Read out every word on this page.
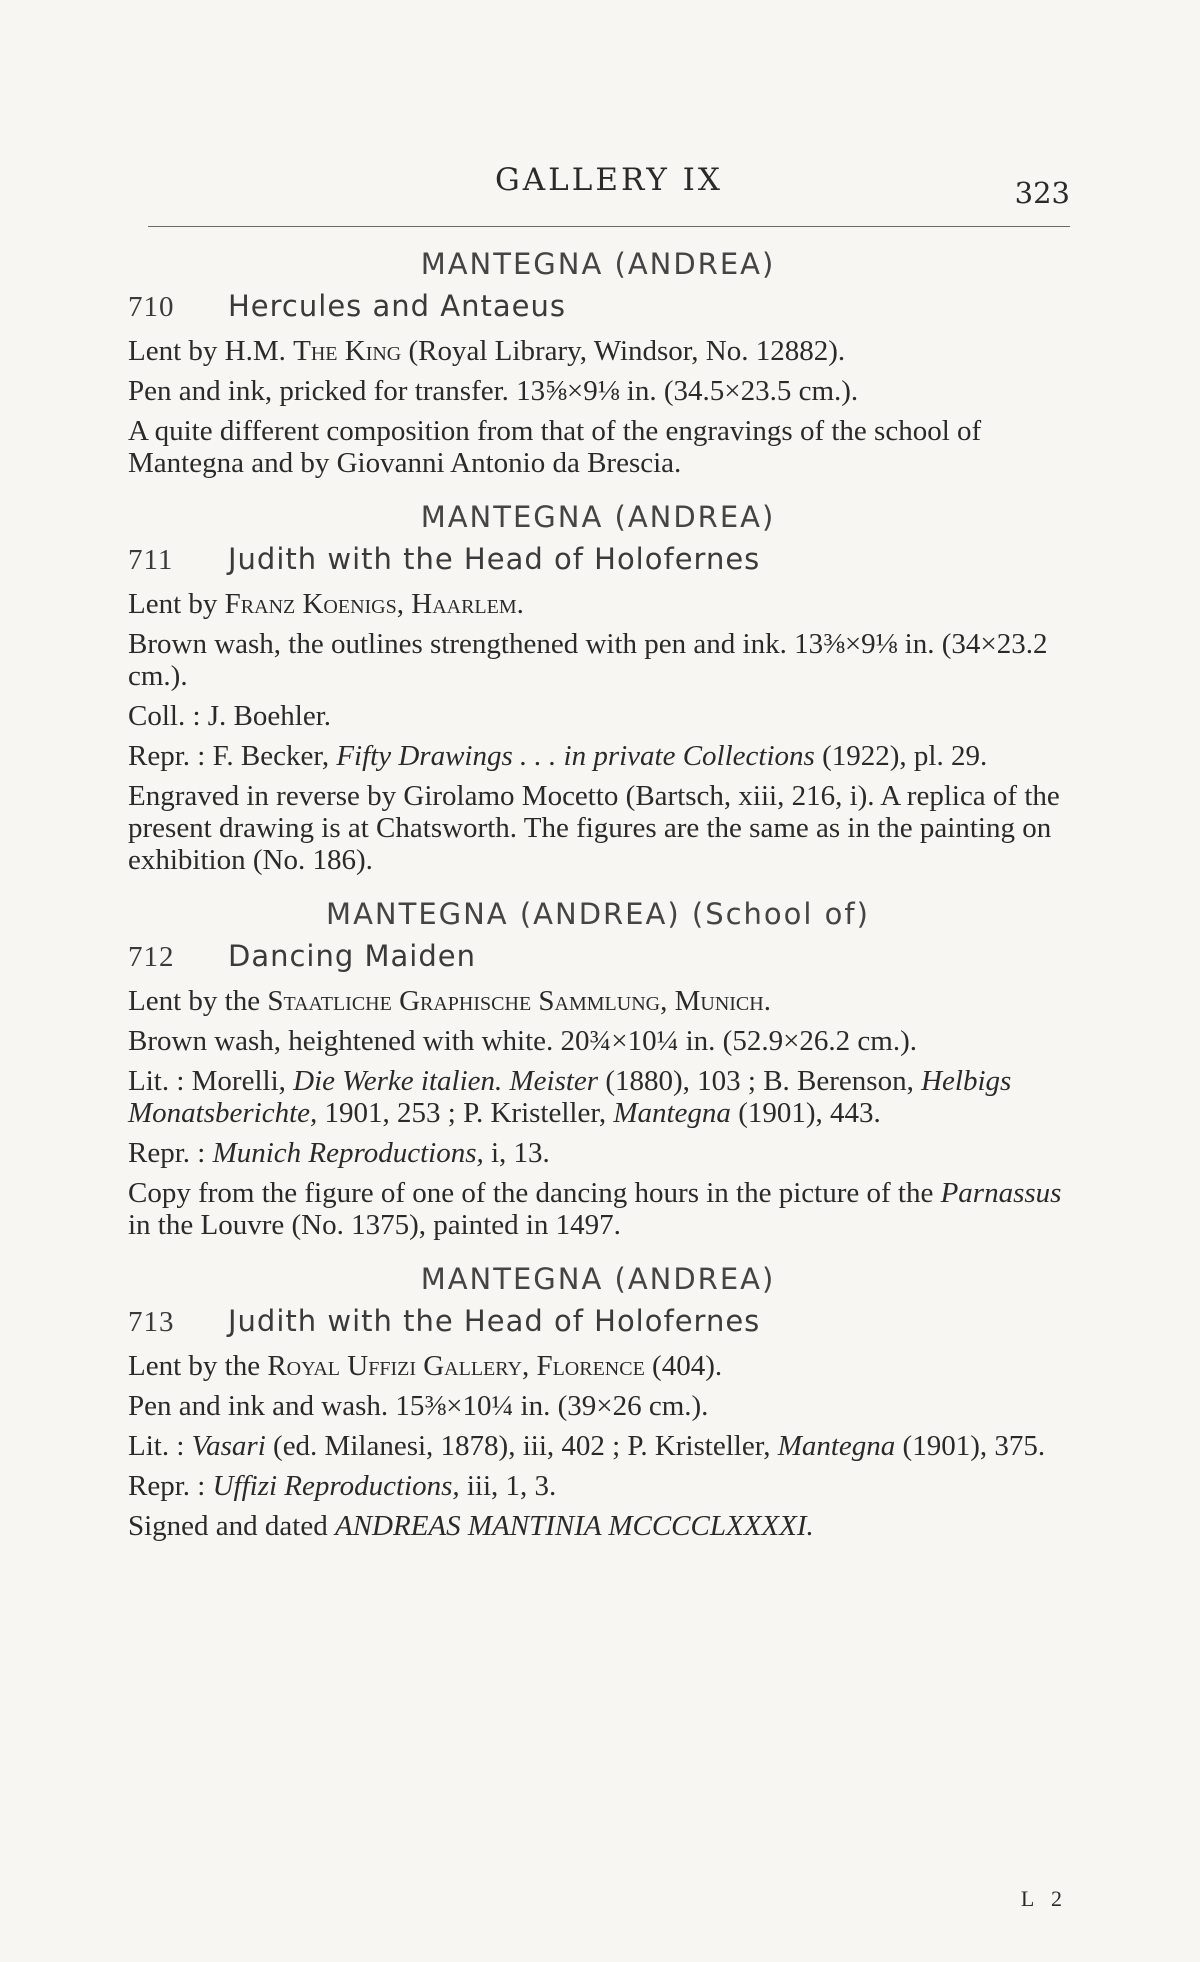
GALLERY IX	323
MANTEGNA (ANDREA)
710 Hercules and Antaeus
Lent by H.M. The King (Royal Library, Windsor, No. 12882).
Pen and ink, pricked for transfer. 13⅝×9⅛ in. (34.5×23.5 cm.).
A quite different composition from that of the engravings of the school of Mantegna and by Giovanni Antonio da Brescia.
MANTEGNA (ANDREA)
711 Judith with the Head of Holofernes
Lent by Franz Koenigs, Haarlem.
Brown wash, the outlines strengthened with pen and ink. 13⅜×9⅛ in. (34×23.2 cm.).
Coll. : J. Boehler.
Repr. : F. Becker, Fifty Drawings . . . in private Collections (1922), pl. 29.
Engraved in reverse by Girolamo Mocetto (Bartsch, xiii, 216, i). A replica of the present drawing is at Chatsworth. The figures are the same as in the painting on exhibition (No. 186).
MANTEGNA (ANDREA) (School of)
712 Dancing Maiden
Lent by the Staatliche Graphische Sammlung, Munich.
Brown wash, heightened with white. 20¾×10¼ in. (52.9×26.2 cm.).
Lit. : Morelli, Die Werke italien. Meister (1880), 103 ; B. Berenson, Helbigs Monatsberichte, 1901, 253 ; P. Kristeller, Mantegna (1901), 443.
Repr. : Munich Reproductions, i, 13.
Copy from the figure of one of the dancing hours in the picture of the Parnassus in the Louvre (No. 1375), painted in 1497.
MANTEGNA (ANDREA)
713 Judith with the Head of Holofernes
Lent by the Royal Uffizi Gallery, Florence (404).
Pen and ink and wash. 15⅜×10¼ in. (39×26 cm.).
Lit. : Vasari (ed. Milanesi, 1878), iii, 402 ; P. Kristeller, Mantegna (1901), 375.
Repr. : Uffizi Reproductions, iii, 1, 3.
Signed and dated ANDREAS MANTINIA MCCCCLXXXXI.
L 2
